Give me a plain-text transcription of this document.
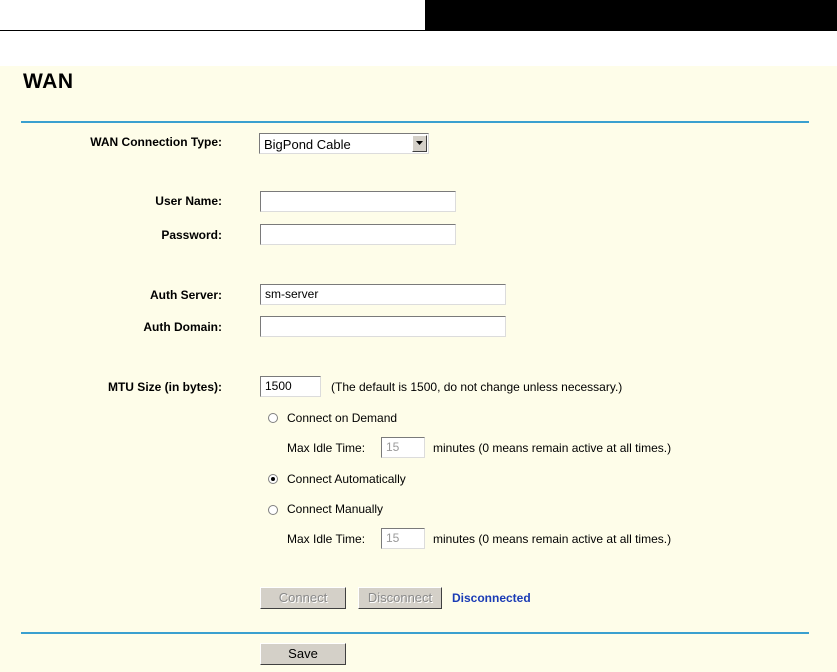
WAN
WAN Connection Type:	BigPond Cable
User Name:
Password:
Auth Server:	sm-server
Auth Domain:
MTU Size (in bytes):	1500	(The default is 1500, do not change unless necessary.)
Connect on Demand
Max Idle Time:	15	minutes (0 means remain active at all times.)
Connect Automatically
Connect Manually
Max Idle Time:	15	minutes (0 means remain active at all times.)
Connect	Disconnect	Disconnected
Save
